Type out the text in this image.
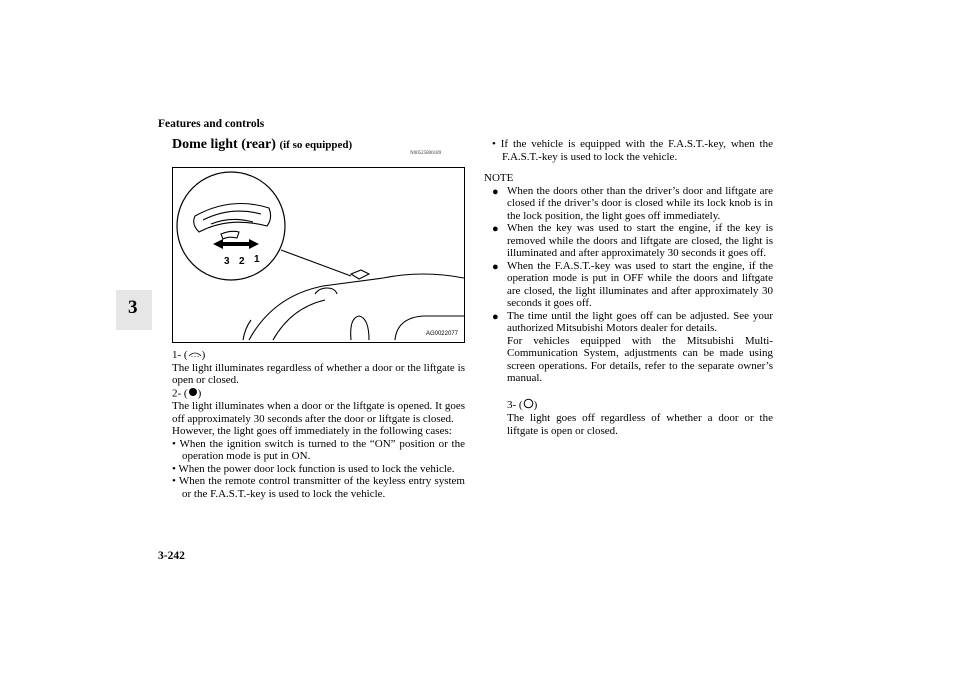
Features and controls
3
Dome light (rear) (if so equipped)
N00525800189
3 2 1
AG0022077

1- ( )

The light illuminates regardless of whether a door or the liftgate is open or closed.

2- ( )

The light illuminates when a door or the liftgate is opened. It goes off approximately 30 seconds after the door or liftgate is closed.

However, the light goes off immediately in the following cases:

• When the ignition switch is turned to the “ON” position or the operation mode is put in ON.

• When the power door lock function is used to lock the vehicle.

• When the remote control transmitter of the keyless entry system or the F.A.S.T.-key is used to lock the vehicle.

• If the vehicle is equipped with the F.A.S.T.-key, when the F.A.S.T.-key is used to lock the vehicle.

NOTE

● When the doors other than the driver’s door and liftgate are closed if the driver’s door is closed while its lock knob is in the lock position, the light goes off immediately.

● When the key was used to start the engine, if the key is removed while the doors and liftgate are closed, the light is illuminated and after approximately 30 seconds it goes off.

● When the F.A.S.T.-key was used to start the engine, if the operation mode is put in OFF while the doors and liftgate are closed, the light illuminates and after approximately 30 seconds it goes off.

● The time until the light goes off can be adjusted. See your authorized Mitsubishi Motors dealer for details.

For vehicles equipped with the Mitsubishi Multi-Communication System, adjustments can be made using screen operations. For details, refer to the separate owner’s manual.

3- ( )

The light goes off regardless of whether a door or the liftgate is open or closed.

3-242
